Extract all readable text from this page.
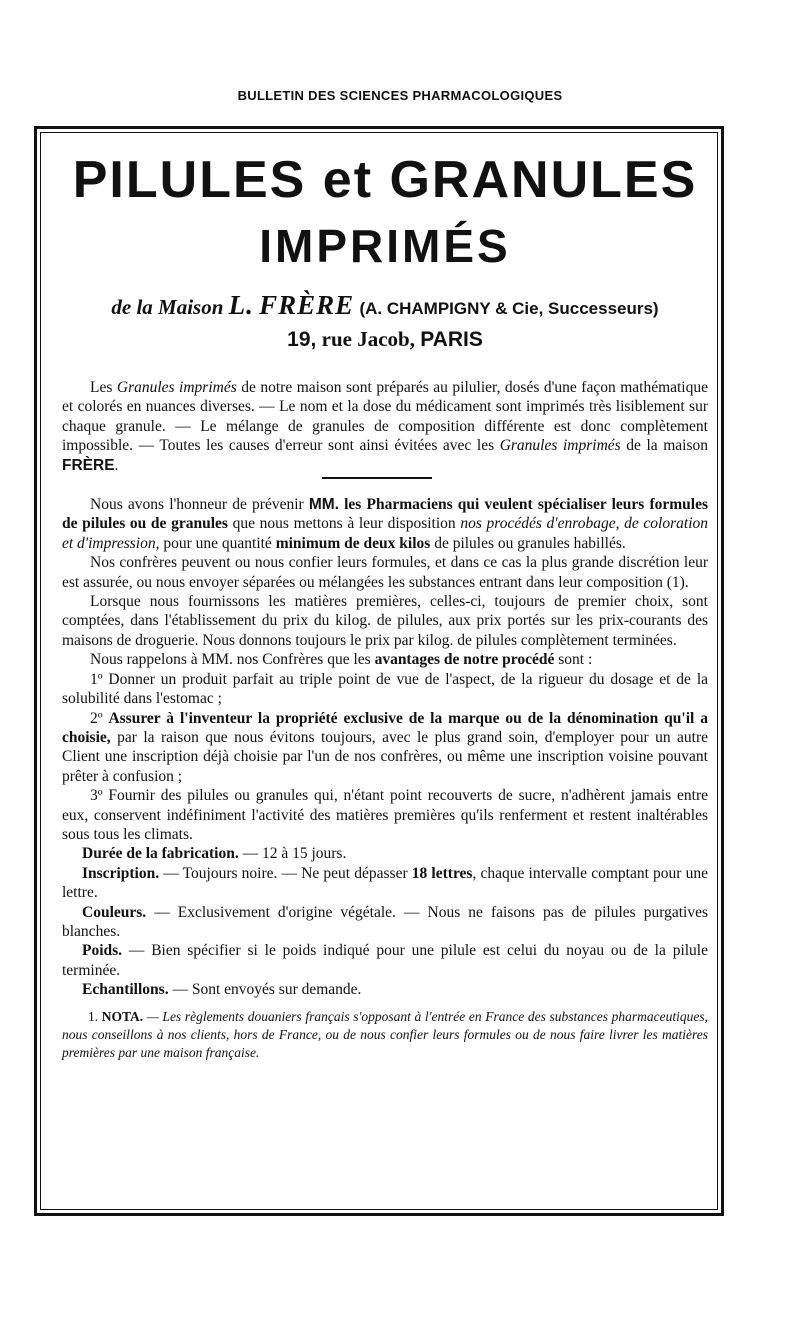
BULLETIN DES SCIENCES PHARMACOLOGIQUES
PILULES et GRANULES
IMPRIMÉS
de la Maison L. FRÈRE (A. CHAMPIGNY & Cie, Successeurs)
19, rue Jacob, PARIS

Les Granules imprimés de notre maison sont préparés au pilulier, dosés d'une façon mathématique et colorés en nuances diverses. — Le nom et la dose du médicament sont imprimés très lisiblement sur chaque granule. — Le mélange de granules de composition différente est donc complètement impossible. — Toutes les causes d'erreur sont ainsi évitées avec les Granules imprimés de la maison FRÈRE.

Nous avons l'honneur de prévenir MM. les Pharmaciens qui veulent spécialiser leurs formules de pilules ou de granules que nous mettons à leur disposition nos procédés d'enrobage, de coloration et d'impression, pour une quantité minimum de deux kilos de pilules ou granules habillés.

Nos confrères peuvent ou nous confier leurs formules, et dans ce cas la plus grande discrétion leur est assurée, ou nous envoyer séparées ou mélangées les substances entrant dans leur composition (1).

Lorsque nous fournissons les matières premières, celles-ci, toujours de premier choix, sont comptées, dans l'établissement du prix du kilog. de pilules, aux prix portés sur les prix-courants des maisons de droguerie. Nous donnons toujours le prix par kilog. de pilules complètement terminées.

Nous rappelons à MM. nos Confrères que les avantages de notre procédé sont :

1º Donner un produit parfait au triple point de vue de l'aspect, de la rigueur du dosage et de la solubilité dans l'estomac ;

2º Assurer à l'inventeur la propriété exclusive de la marque ou de la dénomination qu'il a choisie, par la raison que nous évitons toujours, avec le plus grand soin, d'employer pour un autre Client une inscription déjà choisie par l'un de nos confrères, ou même une inscription voisine pouvant prêter à confusion ;

3º Fournir des pilules ou granules qui, n'étant point recouverts de sucre, n'adhèrent jamais entre eux, conservent indéfiniment l'activité des matières premières qu'ils renferment et restent inaltérables sous tous les climats.

Durée de la fabrication. — 12 à 15 jours.

Inscription. — Toujours noire. — Ne peut dépasser 18 lettres, chaque intervalle comptant pour une lettre.

Couleurs. — Exclusivement d'origine végétale. — Nous ne faisons pas de pilules purgatives blanches.

Poids. — Bien spécifier si le poids indiqué pour une pilule est celui du noyau ou de la pilule terminée.

Echantillons. — Sont envoyés sur demande.

1. NOTA. — Les règlements douaniers français s'opposant à l'entrée en France des substances pharmaceutiques, nous conseillons à nos clients, hors de France, ou de nous confier leurs formules ou de nous faire livrer les matières premières par une maison française.
